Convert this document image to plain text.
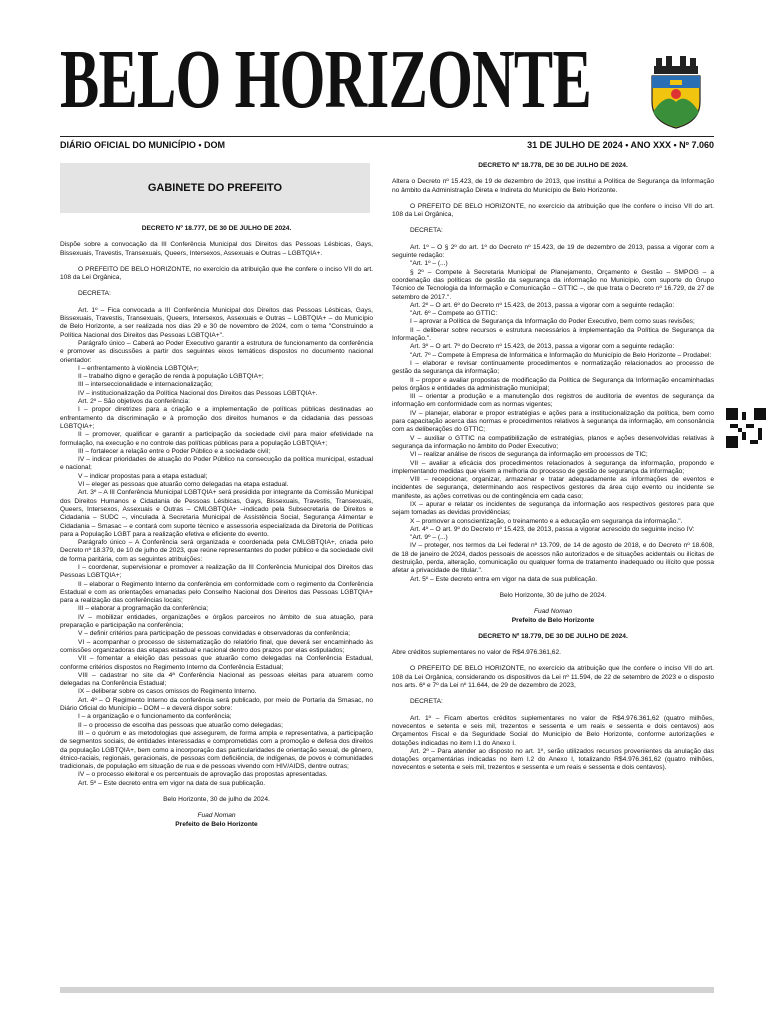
BELO HORIZONTE
DIÁRIO OFICIAL DO MUNICÍPIO • DOM	31 DE JULHO DE 2024 • ANO XXX • Nº 7.060
GABINETE DO PREFEITO

DECRETO Nº 18.777, DE 30 DE JULHO DE 2024.

Dispõe sobre a convocação da III Conferência Municipal dos Direitos das Pessoas Lésbicas, Gays, Bissexuais, Travestis, Transexuais, Queers, Intersexos, Assexuais e Outras – LGBTQIA+.

O PREFEITO DE BELO HORIZONTE, no exercício da atribuição que lhe confere o inciso VII do art. 108 da Lei Orgânica,

DECRETA:

Art. 1º – Fica convocada a III Conferência Municipal dos Direitos das Pessoas Lésbicas, Gays, Bissexuais, Travestis, Transexuais, Queers, Intersexos, Assexuais e Outras – LGBTQIA+ – do Município de Belo Horizonte, a ser realizada nos dias 29 e 30 de novembro de 2024, com o tema "Construindo a Política Nacional dos Direitos das Pessoas LGBTQIA+".

Parágrafo único – Caberá ao Poder Executivo garantir a estrutura de funcionamento da conferência e promover as discussões a partir dos seguintes eixos temáticos dispostos no documento nacional orientador:

I – enfrentamento à violência LGBTQIA+;

II – trabalho digno e geração de renda à população LGBTQIA+;

III – interseccionalidade e internacionalização;

IV – institucionalização da Política Nacional dos Direitos das Pessoas LGBTQIA+.

Art. 2º – São objetivos da conferência:

I – propor diretrizes para a criação e a implementação de políticas públicas destinadas ao enfrentamento da discriminação e à promoção dos direitos humanos e da cidadania das pessoas LGBTQIA+;

II – promover, qualificar e garantir a participação da sociedade civil para maior efetividade na formulação, na execução e no controle das políticas públicas para a população LGBTQIA+;

III – fortalecer a relação entre o Poder Público e a sociedade civil;

IV – indicar prioridades de atuação do Poder Público na consecução da política municipal, estadual e nacional;

V – indicar propostas para a etapa estadual;

VI – eleger as pessoas que atuarão como delegadas na etapa estadual.

Art. 3º – A III Conferência Municipal LGBTQIA+ será presidida por integrante da Comissão Municipal dos Direitos Humanos e Cidadania de Pessoas Lésbicas, Gays, Bissexuais, Travestis, Transexuais, Queers, Intersexos, Assexuais e Outras – CMLGBTQIA+ –indicado pela Subsecretaria de Direitos e Cidadania – SUDC –, vinculada à Secretaria Municipal de Assistência Social, Segurança Alimentar e Cidadania – Smasac – e contará com suporte técnico e assessoria especializada da Diretoria de Políticas para a População LGBT para a realização efetiva e eficiente do evento.

Parágrafo único – A Conferência será organizada e coordenada pela CMLGBTQIA+, criada pelo Decreto nº 18.379, de 10 de julho de 2023, que reúne representantes do poder público e da sociedade civil de forma paritária, com as seguintes atribuições:

I – coordenar, supervisionar e promover a realização da III Conferência Municipal dos Direitos das Pessoas LGBTQIA+;

II – elaborar o Regimento Interno da conferência em conformidade com o regimento da Conferência Estadual e com as orientações emanadas pelo Conselho Nacional dos Direitos das Pessoas LGBTQIA+ para a realização das conferências locais;

III – elaborar a programação da conferência;

IV – mobilizar entidades, organizações e órgãos parceiros no âmbito de sua atuação, para preparação e participação na conferência;

V – definir critérios para participação de pessoas convidadas e observadoras da conferência;

VI – acompanhar o processo de sistematização do relatório final, que deverá ser encaminhado às comissões organizadoras das etapas estadual e nacional dentro dos prazos por elas estipulados;

VII – fomentar a eleição das pessoas que atuarão como delegadas na Conferência Estadual, conforme critérios dispostos no Regimento Interno da Conferência Estadual;

VIII – cadastrar no site da 4ª Conferência Nacional as pessoas eleitas para atuarem como delegadas na Conferência Estadual;

IX – deliberar sobre os casos omissos do Regimento Interno.

Art. 4º – O Regimento Interno da conferência será publicado, por meio de Portaria da Smasac, no Diário Oficial do Município – DOM – e deverá dispor sobre:

I – a organização e o funcionamento da conferência;

II – o processo de escolha das pessoas que atuarão como delegadas;

III – o quórum e as metodologias que assegurem, de forma ampla e representativa, a participação de segmentos sociais, de entidades interessadas e comprometidas com a promoção e defesa dos direitos da população LGBTQIA+, bem como a incorporação das particularidades de orientação sexual, de gênero, étnico-raciais, regionais, geracionais, de pessoas com deficiência, de indígenas, de povos e comunidades tradicionais, de população em situação de rua e de pessoas vivendo com HIV/AIDS, dentre outras;

IV – o processo eleitoral e os percentuais de aprovação das propostas apresentadas.

Art. 5º – Este decreto entra em vigor na data de sua publicação.

Belo Horizonte, 30 de julho de 2024.

Fuad Noman

Prefeito de Belo Horizonte

DECRETO Nº 18.778, DE 30 DE JULHO DE 2024.

Altera o Decreto nº 15.423, de 19 de dezembro de 2013, que institui a Política de Segurança da Informação no âmbito da Administração Direta e Indireta do Município de Belo Horizonte.

O PREFEITO DE BELO HORIZONTE, no exercício da atribuição que lhe confere o inciso VII do art. 108 da Lei Orgânica,

DECRETA:

Art. 1º – O § 2º do art. 1º do Decreto nº 15.423, de 19 de dezembro de 2013, passa a vigorar com a seguinte redação:

"Art. 1º – (...)

§ 2º – Compete à Secretaria Municipal de Planejamento, Orçamento e Gestão – SMPOG – a coordenação das políticas de gestão da segurança da informação no Município, com suporte do Grupo Técnico de Tecnologia da Informação e Comunicação – GTTIC –, de que trata o Decreto nº 16.729, de 27 de setembro de 2017.".

Art. 2º – O art. 6º do Decreto nº 15.423, de 2013, passa a vigorar com a seguinte redação:

"Art. 6º – Compete ao GTTIC:

I – aprovar a Política de Segurança da Informação do Poder Executivo, bem como suas revisões;

II – deliberar sobre recursos e estrutura necessários à implementação da Política de Segurança da Informação.".

Art. 3º – O art. 7º do Decreto nº 15.423, de 2013, passa a vigorar com a seguinte redação:

"Art. 7º – Compete à Empresa de Informática e Informação do Município de Belo Horizonte – Prodabel:

I – elaborar e revisar continuamente procedimentos e normatização relacionados ao processo de gestão da segurança da informação;

II – propor e avaliar propostas de modificação da Política de Segurança da Informação encaminhadas pelos órgãos e entidades da administração municipal;

III – orientar a produção e a manutenção dos registros de auditoria de eventos de segurança da informação em conformidade com as normas vigentes;

IV – planejar, elaborar e propor estratégias e ações para a institucionalização da política, bem como para capacitação acerca das normas e procedimentos relativos à segurança da informação, em consonância com as deliberações do GTTIC;

V – auxiliar o GTTIC na compatibilização de estratégias, planos e ações desenvolvidas relativas à segurança da informação no âmbito do Poder Executivo;

VI – realizar análise de riscos de segurança da informação em processos de TIC;

VII – avaliar a eficácia dos procedimentos relacionados à segurança da informação, propondo e implementando medidas que visem a melhoria do processo de gestão de segurança da informação;

VIII – recepcionar, organizar, armazenar e tratar adequadamente as informações de eventos e incidentes de segurança, determinando aos respectivos gestores da área cujo evento ou incidente se manifeste, as ações corretivas ou de contingência em cada caso;

IX – apurar e relatar os incidentes de segurança da informação aos respectivos gestores para que sejam tomadas as devidas providências;

X – promover a conscientização, o treinamento e a educação em segurança da informação.".

Art. 4º – O art. 9º do Decreto nº 15.423, de 2013, passa a vigorar acrescido do seguinte inciso IV:

"Art. 9º – (...)

IV – proteger, nos termos da Lei federal nº 13.709, de 14 de agosto de 2018, e do Decreto nº 18.608, de 18 de janeiro de 2024, dados pessoais de acessos não autorizados e de situações acidentais ou ilícitas de destruição, perda, alteração, comunicação ou qualquer forma de tratamento inadequado ou ilícito que possa afetar a privacidade de titular.".

Art. 5º – Este decreto entra em vigor na data de sua publicação.

Belo Horizonte, 30 de julho de 2024.

Fuad Noman

Prefeito de Belo Horizonte

DECRETO Nº 18.779, DE 30 DE JULHO DE 2024.

Abre créditos suplementares no valor de R$4.976.361,62.

O PREFEITO DE BELO HORIZONTE, no exercício da atribuição que lhe confere o inciso VII do art. 108 da Lei Orgânica, considerando os dispositivos da Lei nº 11.594, de 22 de setembro de 2023 e o disposto nos arts. 6º e 7º da Lei nº 11.644, de 29 de dezembro de 2023,

DECRETA:

Art. 1º – Ficam abertos créditos suplementares no valor de R$4.976.361,62 (quatro milhões, novecentos e setenta e seis mil, trezentos e sessenta e um reais e sessenta e dois centavos) aos Orçamentos Fiscal e da Seguridade Social do Município de Belo Horizonte, conforme autorizações e dotações indicadas no item I.1 do Anexo I.

Art. 2º – Para atender ao disposto no art. 1º, serão utilizados recursos provenientes da anulação das dotações orçamentárias indicadas no item I.2 do Anexo I, totalizando R$4.976.361,62 (quatro milhões, novecentos e setenta e seis mil, trezentos e sessenta e um reais e sessenta e dois centavos).
